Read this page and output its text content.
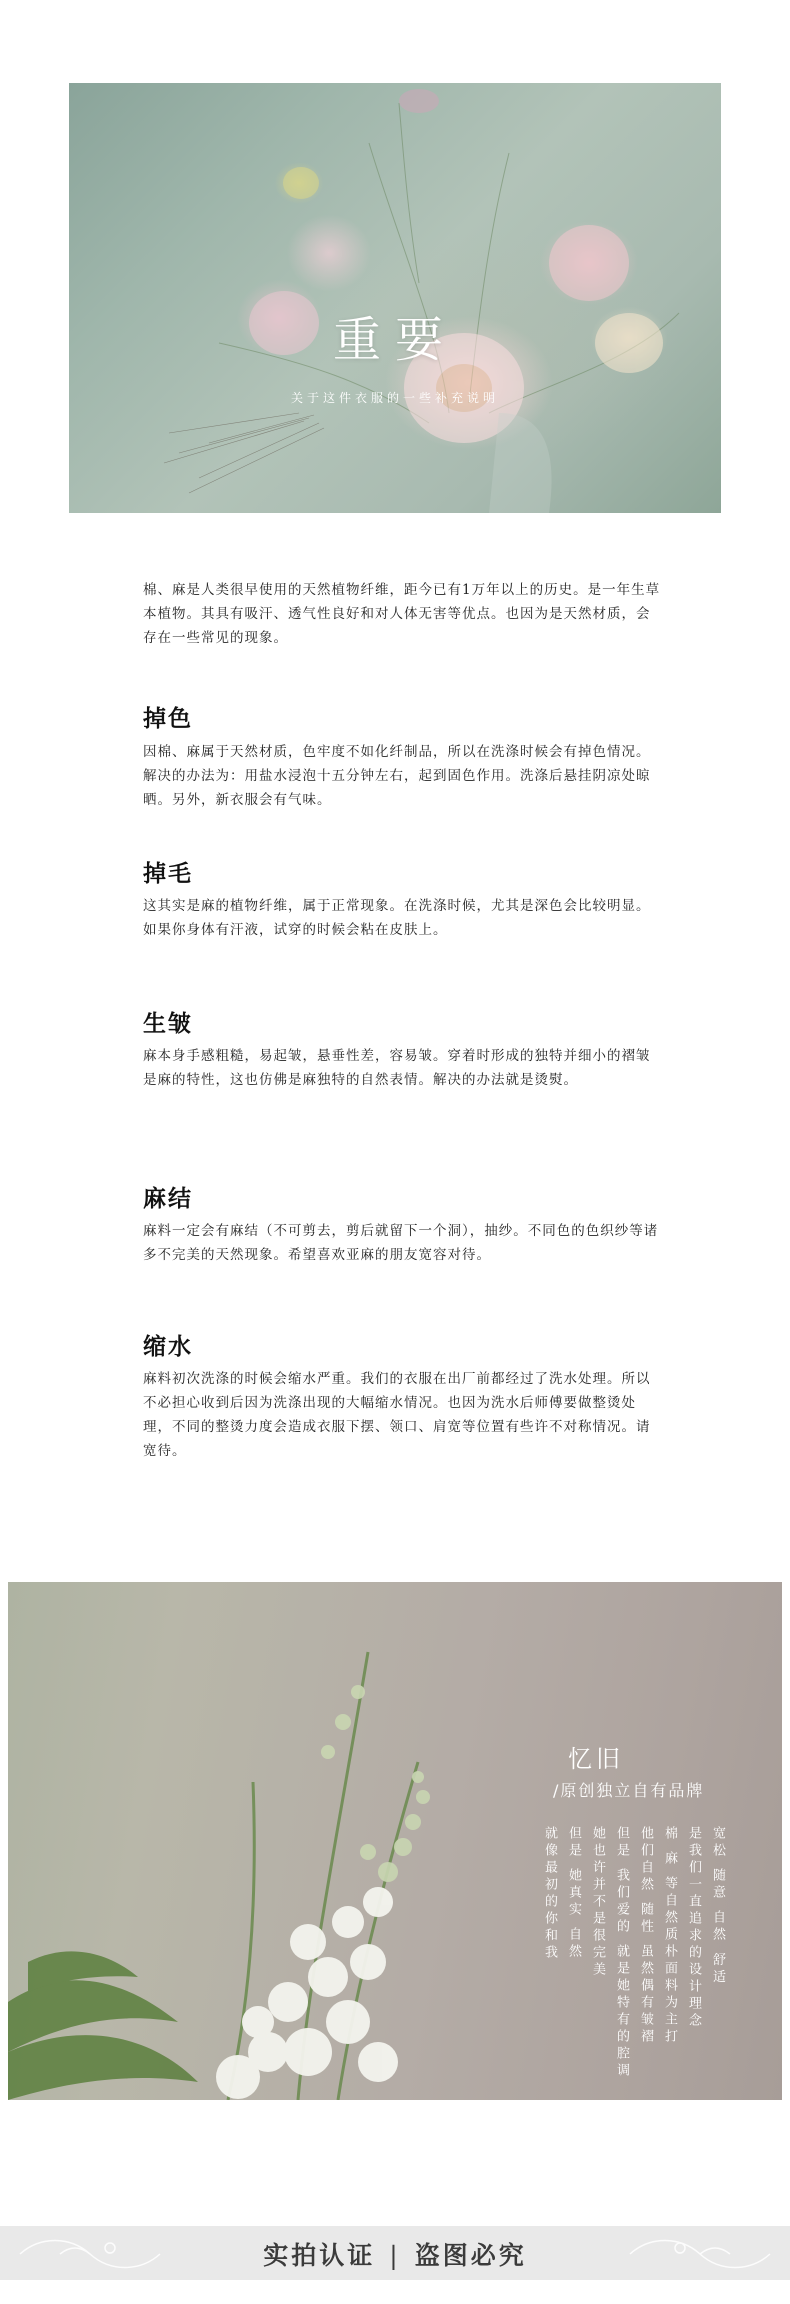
重要
关于这件衣服的一些补充说明

棉、麻是人类很早使用的天然植物纤维，距今已有1万年以上的历史。是一年生草本植物。其具有吸汗、透气性良好和对人体无害等优点。也因为是天然材质，会存在一些常见的现象。

掉色

因棉、麻属于天然材质，色牢度不如化纤制品，所以在洗涤时候会有掉色情况。解决的办法为：用盐水浸泡十五分钟左右，起到固色作用。洗涤后悬挂阴凉处晾晒。另外，新衣服会有气味。

掉毛

这其实是麻的植物纤维，属于正常现象。在洗涤时候，尤其是深色会比较明显。如果你身体有汗液，试穿的时候会粘在皮肤上。

生皱

麻本身手感粗糙，易起皱，悬垂性差，容易皱。穿着时形成的独特并细小的褶皱是麻的特性，这也仿佛是麻独特的自然表情。解决的办法就是烫熨。

麻结

麻料一定会有麻结（不可剪去，剪后就留下一个洞），抽纱。不同色的色织纱等诸多不完美的天然现象。希望喜欢亚麻的朋友宽容对待。

缩水

麻料初次洗涤的时候会缩水严重。我们的衣服在出厂前都经过了洗水处理。所以不必担心收到后因为洗涤出现的大幅缩水情况。也因为洗水后师傅要做整烫处理，不同的整烫力度会造成衣服下摆、领口、肩宽等位置有些许不对称情况。请宽待。

忆旧
/原创独立自有品牌
宽松 随意 自然 舒适
是我们一直追求的设计理念
棉 麻 等自然质朴面料为主打
他们自然 随性 虽然偶有皱褶
但是 我们爱的 就是她特有的腔调
她也许并不是很完美
但是 她真实 自然
就像最初的你和我
实拍认证 | 盗图必究
